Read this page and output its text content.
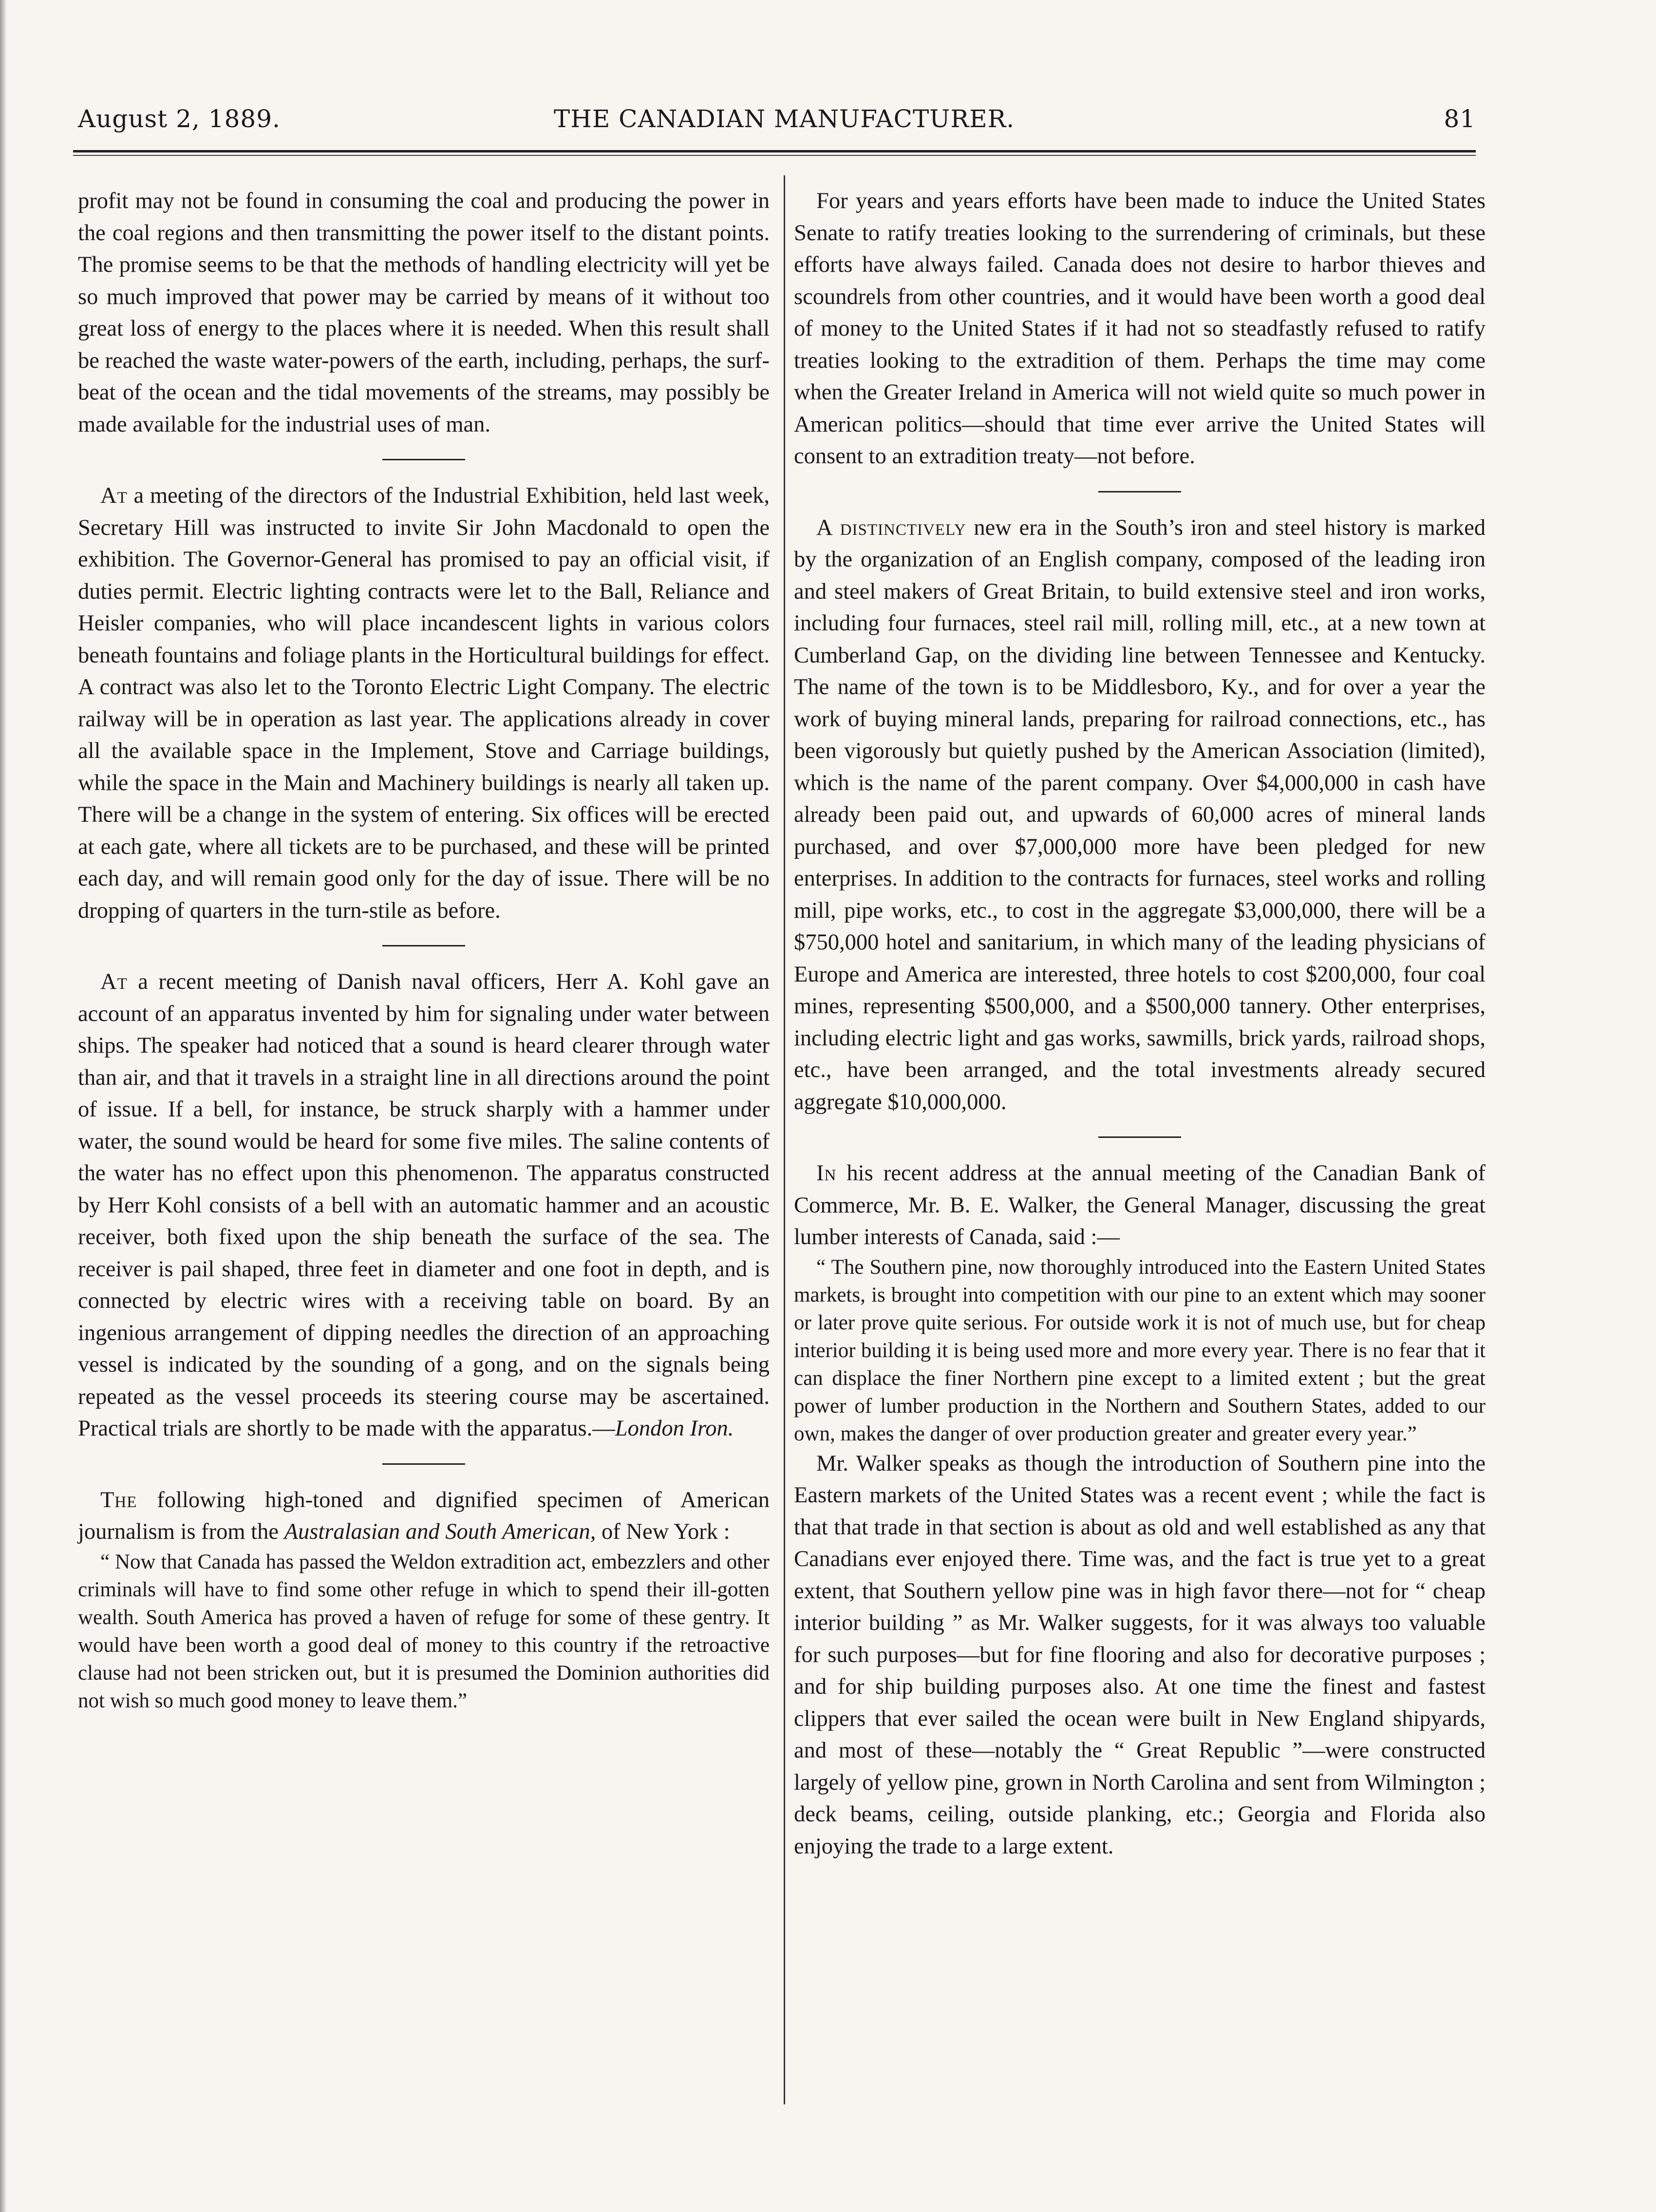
August 2, 1889.	THE CANADIAN MANUFACTURER.	81

profit may not be found in consuming the coal and producing the power in the coal regions and then transmitting the power itself to the distant points. The promise seems to be that the methods of handling electricity will yet be so much improved that power may be carried by means of it without too great loss of energy to the places where it is needed. When this result shall be reached the waste water-powers of the earth, including, perhaps, the surf-beat of the ocean and the tidal movements of the streams, may possibly be made available for the industrial uses of man.

At a meeting of the directors of the Industrial Exhibition, held last week, Secretary Hill was instructed to invite Sir John Macdonald to open the exhibition. The Governor-General has promised to pay an official visit, if duties permit. Electric lighting contracts were let to the Ball, Reliance and Heisler companies, who will place incandescent lights in various colors beneath fountains and foliage plants in the Horticultural buildings for effect. A contract was also let to the Toronto Electric Light Company. The electric railway will be in operation as last year. The applications already in cover all the available space in the Implement, Stove and Carriage buildings, while the space in the Main and Machinery buildings is nearly all taken up. There will be a change in the system of entering. Six offices will be erected at each gate, where all tickets are to be purchased, and these will be printed each day, and will remain good only for the day of issue. There will be no dropping of quarters in the turn-stile as before.

At a recent meeting of Danish naval officers, Herr A. Kohl gave an account of an apparatus invented by him for signaling under water between ships. The speaker had noticed that a sound is heard clearer through water than air, and that it travels in a straight line in all directions around the point of issue. If a bell, for instance, be struck sharply with a hammer under water, the sound would be heard for some five miles. The saline contents of the water has no effect upon this phenomenon. The apparatus constructed by Herr Kohl consists of a bell with an automatic hammer and an acoustic receiver, both fixed upon the ship beneath the surface of the sea. The receiver is pail shaped, three feet in diameter and one foot in depth, and is connected by electric wires with a receiving table on board. By an ingenious arrangement of dipping needles the direction of an approaching vessel is indicated by the sounding of a gong, and on the signals being repeated as the vessel proceeds its steering course may be ascertained. Practical trials are shortly to be made with the apparatus.—London Iron.

The following high-toned and dignified specimen of American journalism is from the Australasian and South American, of New York :

“ Now that Canada has passed the Weldon extradition act, embezzlers and other criminals will have to find some other refuge in which to spend their ill-gotten wealth. South America has proved a haven of refuge for some of these gentry. It would have been worth a good deal of money to this country if the retroactive clause had not been stricken out, but it is presumed the Dominion authorities did not wish so much good money to leave them.”

For years and years efforts have been made to induce the United States Senate to ratify treaties looking to the surrendering of criminals, but these efforts have always failed. Canada does not desire to harbor thieves and scoundrels from other countries, and it would have been worth a good deal of money to the United States if it had not so steadfastly refused to ratify treaties looking to the extradition of them. Perhaps the time may come when the Greater Ireland in America will not wield quite so much power in American politics—should that time ever arrive the United States will consent to an extradition treaty—not before.

A distinctively new era in the South’s iron and steel history is marked by the organization of an English company, composed of the leading iron and steel makers of Great Britain, to build extensive steel and iron works, including four furnaces, steel rail mill, rolling mill, etc., at a new town at Cumberland Gap, on the dividing line between Tennessee and Kentucky. The name of the town is to be Middlesboro, Ky., and for over a year the work of buying mineral lands, preparing for railroad connections, etc., has been vigorously but quietly pushed by the American Association (limited), which is the name of the parent company. Over $4,000,000 in cash have already been paid out, and upwards of 60,000 acres of mineral lands purchased, and over $7,000,000 more have been pledged for new enterprises. In addition to the contracts for furnaces, steel works and rolling mill, pipe works, etc., to cost in the aggregate $3,000,000, there will be a $750,000 hotel and sanitarium, in which many of the leading physicians of Europe and America are interested, three hotels to cost $200,000, four coal mines, representing $500,000, and a $500,000 tannery. Other enterprises, including electric light and gas works, sawmills, brick yards, railroad shops, etc., have been arranged, and the total investments already secured aggregate $10,000,000.

In his recent address at the annual meeting of the Canadian Bank of Commerce, Mr. B. E. Walker, the General Manager, discussing the great lumber interests of Canada, said :—

“ The Southern pine, now thoroughly introduced into the Eastern United States markets, is brought into competition with our pine to an extent which may sooner or later prove quite serious. For outside work it is not of much use, but for cheap interior building it is being used more and more every year. There is no fear that it can displace the finer Northern pine except to a limited extent ; but the great power of lumber production in the Northern and Southern States, added to our own, makes the danger of over production greater and greater every year.”

Mr. Walker speaks as though the introduction of Southern pine into the Eastern markets of the United States was a recent event ; while the fact is that that trade in that section is about as old and well established as any that Canadians ever enjoyed there. Time was, and the fact is true yet to a great extent, that Southern yellow pine was in high favor there—not for “ cheap interior building ” as Mr. Walker suggests, for it was always too valuable for such purposes—but for fine flooring and also for decorative purposes ; and for ship building purposes also. At one time the finest and fastest clippers that ever sailed the ocean were built in New England shipyards, and most of these—notably the “ Great Republic ”—were constructed largely of yellow pine, grown in North Carolina and sent from Wilmington ; deck beams, ceiling, outside planking, etc.; Georgia and Florida also enjoying the trade to a large extent.
